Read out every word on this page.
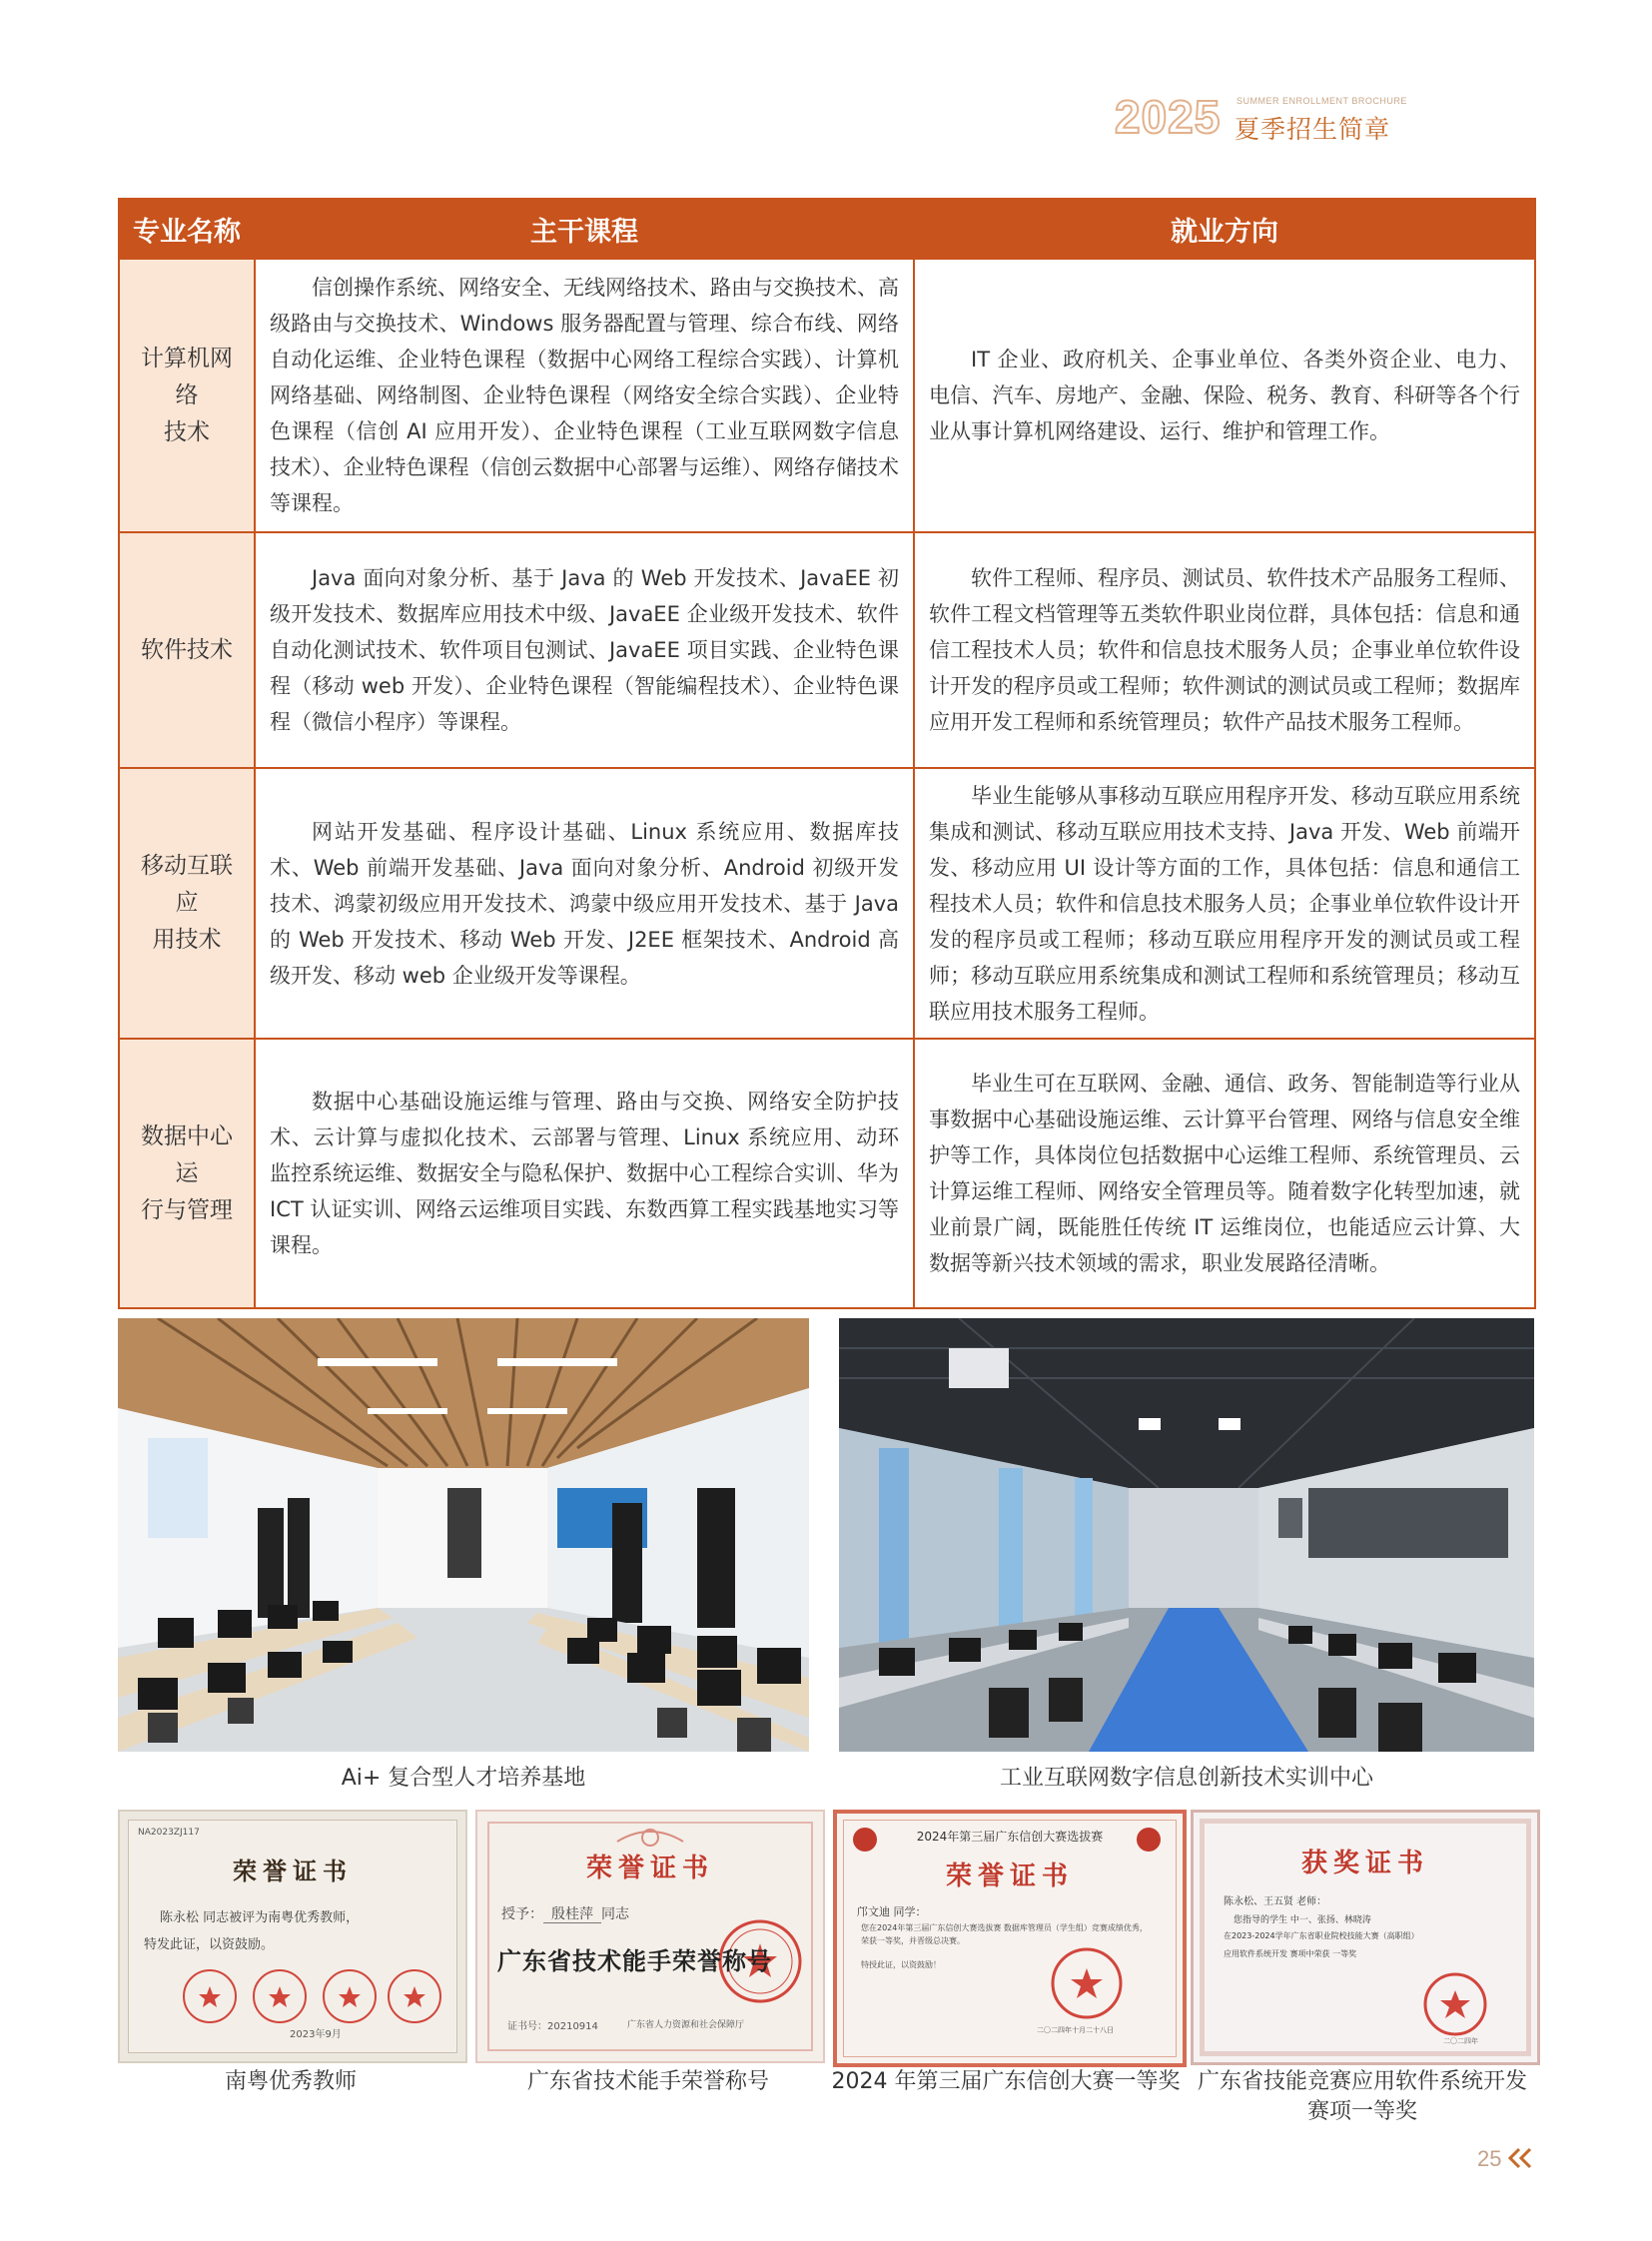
2025 SUMMER ENROLLMENT BROCHURE
夏季招生简章
专业名称	主干课程	就业方向

计算机网络
技术	信创操作系统、网络安全、无线网络技术、路由与交换技术、高级路由与交换技术、Windows 服务器配置与管理、综合布线、网络自动化运维、企业特色课程（数据中心网络工程综合实践）、计算机网络基础、网络制图、企业特色课程（网络安全综合实践）、企业特色课程（信创 AI 应用开发）、企业特色课程（工业互联网数字信息技术）、企业特色课程（信创云数据中心部署与运维）、网络存储技术等课程。	IT 企业、政府机关、企事业单位、各类外资企业、电力、电信、汽车、房地产、金融、保险、税务、教育、科研等各个行业从事计算机网络建设、运行、维护和管理工作。

软件技术	Java 面向对象分析、基于 Java 的 Web 开发技术、JavaEE 初级开发技术、数据库应用技术中级、JavaEE 企业级开发技术、软件自动化测试技术、软件项目包测试、JavaEE 项目实践、企业特色课程（移动 web 开发）、企业特色课程（智能编程技术）、企业特色课程（微信小程序）等课程。	软件工程师、程序员、测试员、软件技术产品服务工程师、软件工程文档管理等五类软件职业岗位群，具体包括：信息和通信工程技术人员；软件和信息技术服务人员；企事业单位软件设计开发的程序员或工程师；软件测试的测试员或工程师；数据库应用开发工程师和系统管理员；软件产品技术服务工程师。

移动互联应
用技术	网站开发基础、程序设计基础、Linux 系统应用、数据库技术、Web 前端开发基础、Java 面向对象分析、Android 初级开发技术、鸿蒙初级应用开发技术、鸿蒙中级应用开发技术、基于 Java 的 Web 开发技术、移动 Web 开发、J2EE 框架技术、Android 高级开发、移动 web 企业级开发等课程。	毕业生能够从事移动互联应用程序开发、移动互联应用系统集成和测试、移动互联应用技术支持、Java 开发、Web 前端开发、移动应用 UI 设计等方面的工作，具体包括：信息和通信工程技术人员；软件和信息技术服务人员；企事业单位软件设计开发的程序员或工程师；移动互联应用程序开发的测试员或工程师；移动互联应用系统集成和测试工程师和系统管理员；移动互联应用技术服务工程师。

数据中心运
行与管理	数据中心基础设施运维与管理、路由与交换、网络安全防护技术、云计算与虚拟化技术、云部署与管理、Linux 系统应用、动环监控系统运维、数据安全与隐私保护、数据中心工程综合实训、华为 ICT 认证实训、网络云运维项目实践、东数西算工程实践基地实习等课程。	毕业生可在互联网、金融、通信、政务、智能制造等行业从事数据中心基础设施运维、云计算平台管理、网络与信息安全维护等工作，具体岗位包括数据中心运维工程师、系统管理员、云计算运维工程师、网络安全管理员等。随着数字化转型加速，就业前景广阔，既能胜任传统 IT 运维岗位，也能适应云计算、大数据等新兴技术领域的需求，职业发展路径清晰。
Ai+ 复合型人才培养基地	工业互联网数字信息创新技术实训中心
NA2023ZJ117
荣誉证书
陈永松 同志被评为南粤优秀教师，
特发此证，以资鼓励。
2023年9月
南粤优秀教师
荣誉证书
授予： 殷桂萍 同志
广东省技术能手荣誉称号
证书号：20210914	广东省人力资源和社会保障厅
广东省技术能手荣誉称号
2024年第三届广东信创大赛选拔赛
荣誉证书
邝文迪 同学：
您在2024年第三届广东信创大赛选拔赛 数据库管理员（学生组）竞赛成绩优秀，荣获一等奖，并晋级总决赛。
特授此证，以资鼓励！
二〇二四年十月二十八日
2024 年第三届广东信创大赛一等奖
获奖证书
陈永松、王五贤 老师：
您指导的学生 中一、张扬、林晓涛
在2023-2024学年广东省职业院校技能大赛（高职组）
应用软件系统开发 赛项中荣获 一等奖
二〇二四年
广东省技能竞赛应用软件系统开发
赛项一等奖
25
